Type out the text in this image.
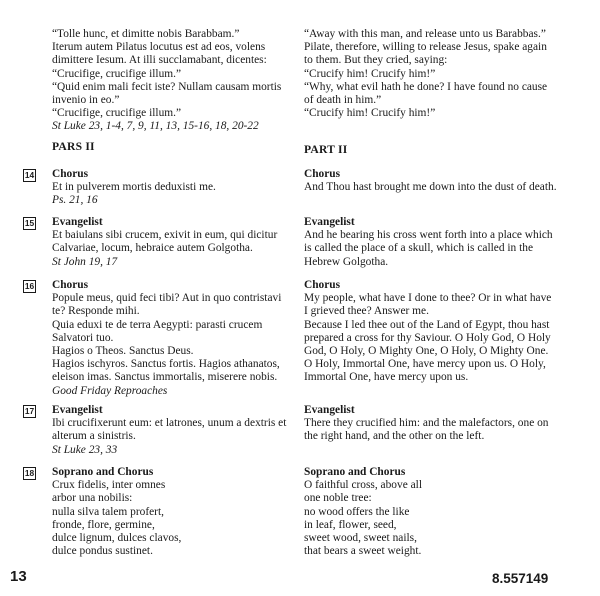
“Tolle hunc, et dimitte nobis Barabbam.”
Iterum autem Pilatus locutus est ad eos, volens
dimittere Iesum. At illi succlamabant, dicentes:
“Crucifige, crucifige illum.”
“Quid enim mali fecit iste? Nullam causam mortis
invenio in eo.”
“Crucifige, crucifige illum.”
St Luke 23, 1-4, 7, 9, 11, 13, 15-16, 18, 20-22
PARS II
14 Chorus
Et in pulverem mortis deduxisti me.
Ps. 21, 16
15 Evangelist
Et baiulans sibi crucem, exivit in eum, qui dicitur
Calvariae, locum, hebraice autem Golgotha.
St John 19, 17
16 Chorus
Popule meus, quid feci tibi? Aut in quo contristavi
te? Responde mihi.
Quia eduxi te de terra Aegypti: parasti crucem
Salvatori tuo.
Hagios o Theos. Sanctus Deus.
Hagios ischyros. Sanctus fortis. Hagios athanatos,
eleison imas. Sanctus immortalis, miserere nobis.
Good Friday Reproaches
17 Evangelist
Ibi crucifixerunt eum: et latrones, unum a dextris et
alterum a sinistris.
St Luke 23, 33
18 Soprano and Chorus
Crux fidelis, inter omnes
arbor una nobilis:
nulla silva talem profert,
fronde, flore, germine,
dulce lignum, dulces clavos,
dulce pondus sustinet.
“Away with this man, and release unto us Barabbas.”
Pilate, therefore, willing to release Jesus, spake again
to them. But they cried, saying:
“Crucify him! Crucify him!”
“Why, what evil hath he done? I have found no cause
of death in him.”
“Crucify him! Crucify him!”
PART II
Chorus
And Thou hast brought me down into the dust of death.
Evangelist
And he bearing his cross went forth into a place which
is called the place of a skull, which is called in the
Hebrew Golgotha.
Chorus
My people, what have I done to thee? Or in what have
I grieved thee? Answer me.
Because I led thee out of the Land of Egypt, thou hast
prepared a cross for thy Saviour. O Holy God, O Holy
God, O Holy, O Mighty One, O Holy, O Mighty One.
O Holy, Immortal One, have mercy upon us. O Holy,
Immortal One, have mercy upon us.
Evangelist
There they crucified him: and the malefactors, one on
the right hand, and the other on the left.
Soprano and Chorus
O faithful cross, above all
one noble tree:
no wood offers the like
in leaf, flower, seed,
sweet wood, sweet nails,
that bears a sweet weight.
13	8.557149
